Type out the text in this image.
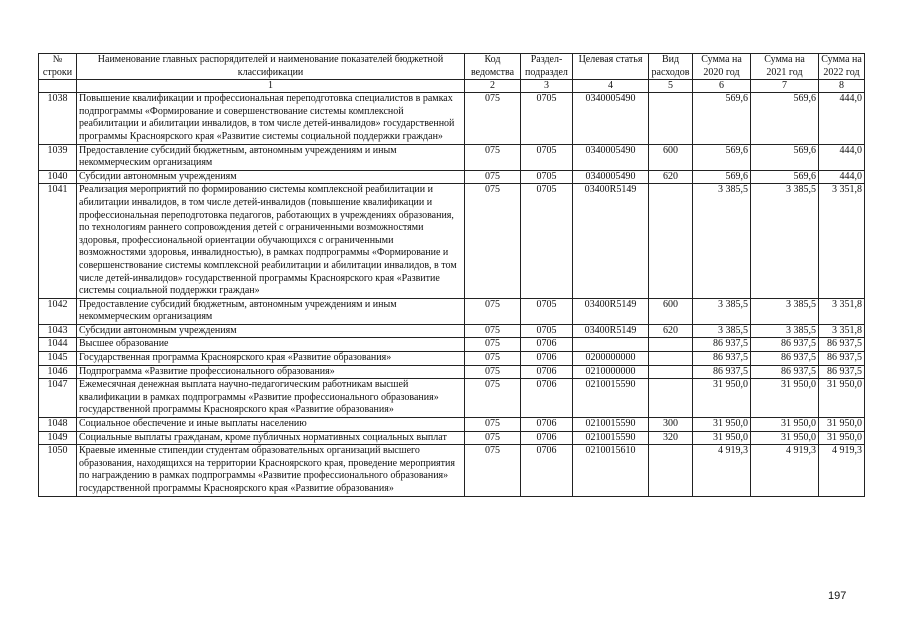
№ строки	Наименование главных распорядителей и наименование показателей бюджетной классификации	Код ведомства	Раздел-подраздел	Целевая статья	Вид расходов	Сумма на 2020 год	Сумма на 2021 год	Сумма на 2022 год
	1	2	3	4	5	6	7	8
1038	Повышение квалификации и профессиональная переподготовка специалистов в рамках подпрограммы «Формирование и совершенствование системы комплексной реабилитации и абилитации инвалидов, в том числе детей-инвалидов» государственной программы Красноярского края «Развитие системы социальной поддержки граждан»	075	0705	0340005490		569,6	569,6	444,0
1039	Предоставление субсидий бюджетным, автономным учреждениям и иным некоммерческим организациям	075	0705	0340005490	600	569,6	569,6	444,0
1040	Субсидии автономным учреждениям	075	0705	0340005490	620	569,6	569,6	444,0
1041	Реализация мероприятий по формированию системы комплексной реабилитации и абилитации инвалидов, в том числе детей-инвалидов (повышение квалификации и профессиональная переподготовка педагогов, работающих в учреждениях образования, по технологиям раннего сопровождения детей с ограниченными возможностями здоровья, профессиональной ориентации обучающихся с ограниченными возможностями здоровья, инвалидностью), в рамках подпрограммы «Формирование и совершенствование системы комплексной реабилитации и абилитации инвалидов, в том числе детей-инвалидов» государственной программы Красноярского края «Развитие системы социальной поддержки граждан»	075	0705	03400R5149		3 385,5	3 385,5	3 351,8
1042	Предоставление субсидий бюджетным, автономным учреждениям и иным некоммерческим организациям	075	0705	03400R5149	600	3 385,5	3 385,5	3 351,8
1043	Субсидии автономным учреждениям	075	0705	03400R5149	620	3 385,5	3 385,5	3 351,8
1044	Высшее образование	075	0706			86 937,5	86 937,5	86 937,5
1045	Государственная программа Красноярского края «Развитие образования»	075	0706	0200000000		86 937,5	86 937,5	86 937,5
1046	Подпрограмма «Развитие профессионального образования»	075	0706	0210000000		86 937,5	86 937,5	86 937,5
1047	Ежемесячная денежная выплата научно-педагогическим работникам высшей квалификации в рамках подпрограммы «Развитие профессионального образования» государственной программы Красноярского края «Развитие образования»	075	0706	0210015590		31 950,0	31 950,0	31 950,0
1048	Социальное обеспечение и иные выплаты населению	075	0706	0210015590	300	31 950,0	31 950,0	31 950,0
1049	Социальные выплаты гражданам, кроме публичных нормативных социальных выплат	075	0706	0210015590	320	31 950,0	31 950,0	31 950,0
1050	Краевые именные стипендии студентам образовательных организаций высшего образования, находящихся на территории Красноярского края, проведение мероприятия по награждению в рамках подпрограммы «Развитие профессионального образования» государственной программы Красноярского края «Развитие образования»	075	0706	0210015610		4 919,3	4 919,3	4 919,3
197
